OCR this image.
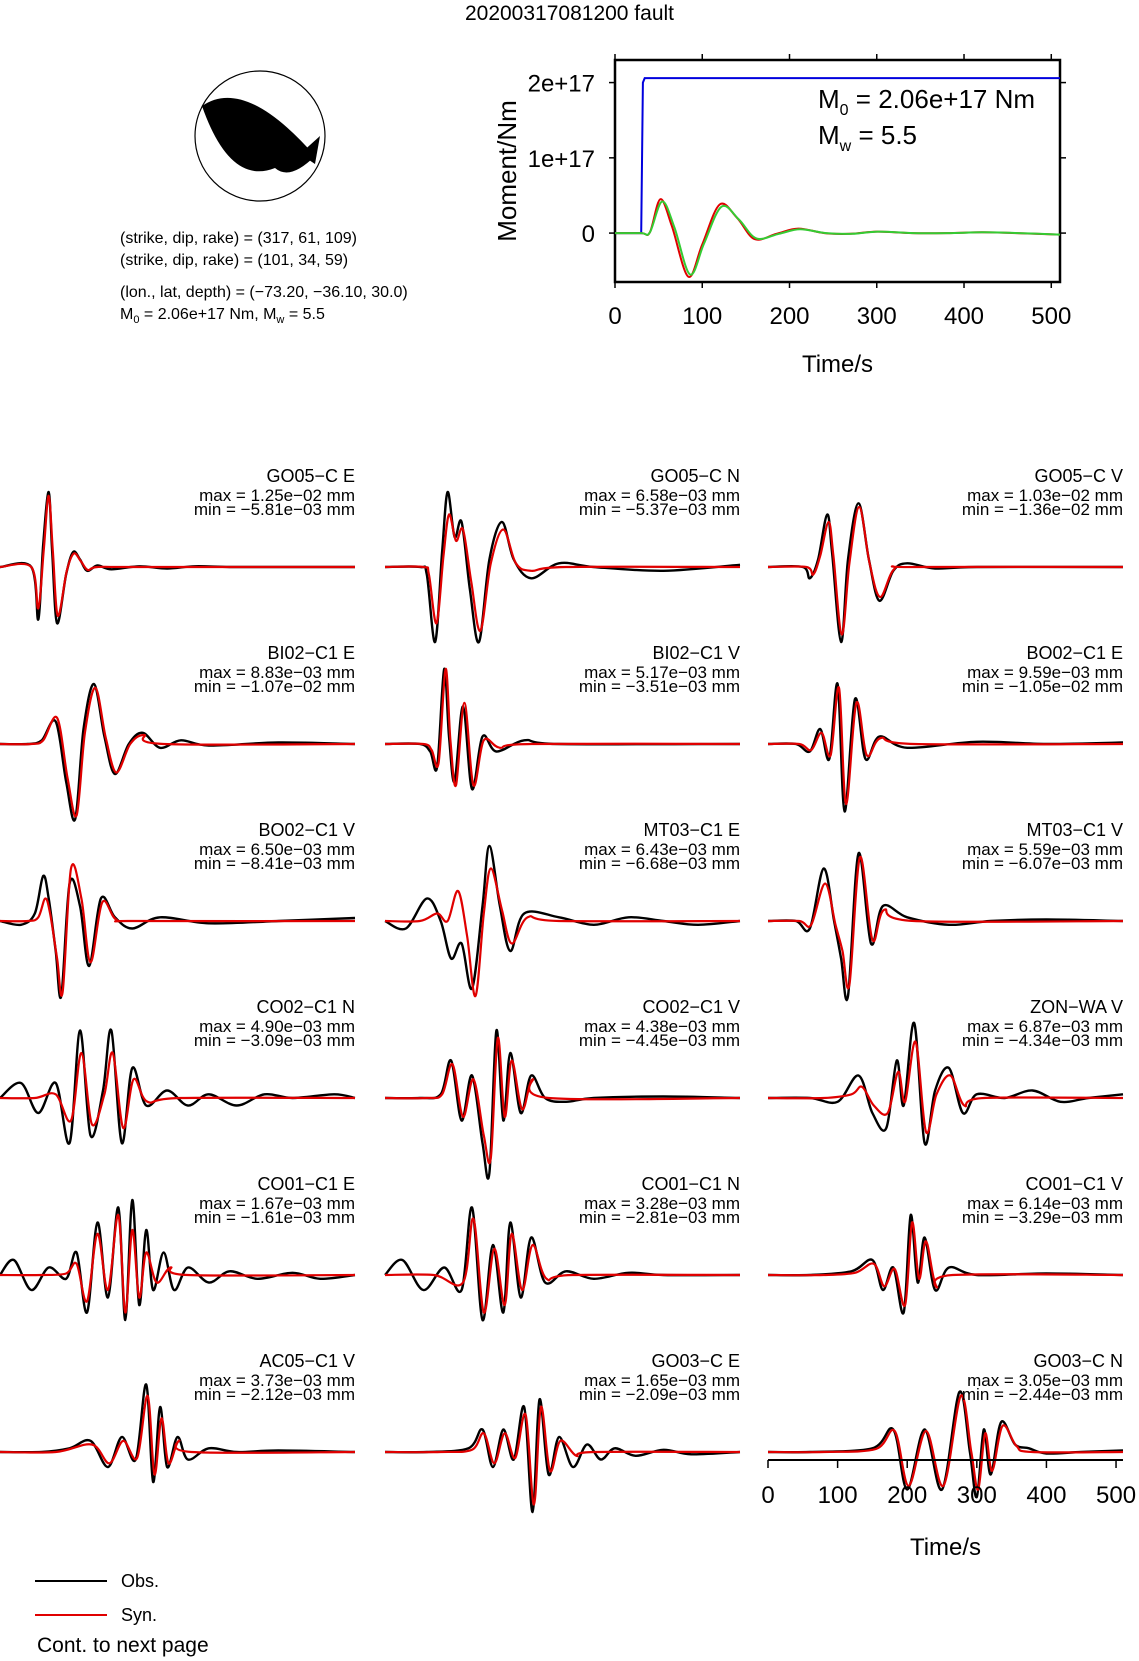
20200317081200 fault
(strike, dip, rake) = (317, 61, 109)
(strike, dip, rake) = (101, 34, 59)
(lon., lat, depth) = (−73.20, −36.10, 30.0)
$M_0 = 2.06e+17$ Nm, $M_w = 5.5$	0	100 200 300 400 500
0
1e+17
2e+17
Time/s
Moment/Nm
$M_0 = 2.06e+17$ Nm
$M_w = 5.5$
GO05−C E
max = 1.25e−02 mm
min = −5.81e−03 mm
GO05−C N
max = 6.58e−03 mm
min = −5.37e−03 mm
GO05−C V
max = 1.03e−02 mm
min = −1.36e−02 mm
BI02−C1 E
max = 8.83e−03 mm
min = −1.07e−02 mm
BI02−C1 V
max = 5.17e−03 mm
min = −3.51e−03 mm
BO02−C1 E
max = 9.59e−03 mm
min = −1.05e−02 mm
BO02−C1 V
max = 6.50e−03 mm
min = −8.41e−03 mm
MT03−C1 E
max = 6.43e−03 mm
min = −6.68e−03 mm
MT03−C1 V
max = 5.59e−03 mm
min = −6.07e−03 mm
CO02−C1 N
max = 4.90e−03 mm
min = −3.09e−03 mm
CO02−C1 V
max = 4.38e−03 mm
min = −4.45e−03 mm
ZON−WA V
max = 6.87e−03 mm
min = −4.34e−03 mm
CO01−C1 E
max = 1.67e−03 mm
min = −1.61e−03 mm
CO01−C1 N
max = 3.28e−03 mm
min = −2.81e−03 mm
CO01−C1 V
max = 6.14e−03 mm
min = −3.29e−03 mm
AC05−C1 V
max = 3.73e−03 mm
min = −2.12e−03 mm
GO03−C E
max = 1.65e−03 mm
min = −2.09e−03 mm
GO03−C N
max = 3.05e−03 mm
min = −2.44e−03 mm
0 100 200 300 400 500
Time/s
Obs.
Syn.
Cont. to next page
